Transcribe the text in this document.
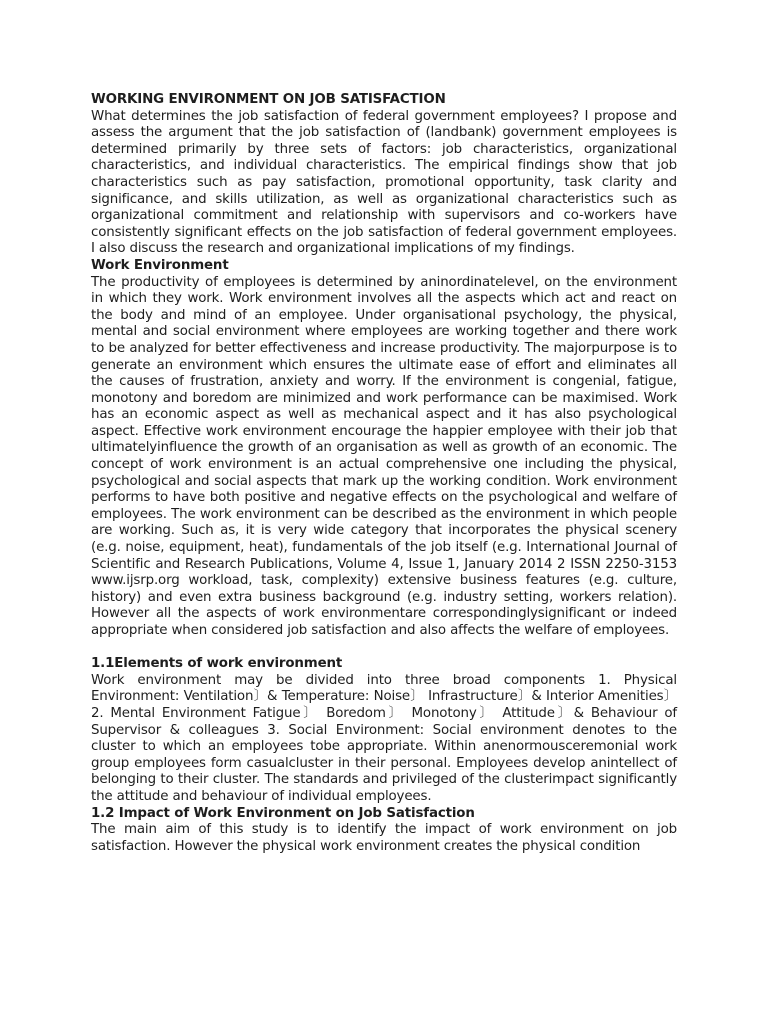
WORKING ENVIRONMENT ON JOB SATISFACTION

What determines the job satisfaction of federal government employees? I propose and assess the argument that the job satisfaction of (landbank) government employees is determined primarily by three sets of factors: job characteristics, organizational characteristics, and individual characteristics. The empirical findings show that job characteristics such as pay satisfaction, promotional opportunity, task clarity and significance, and skills utilization, as well as organizational characteristics such as organizational commitment and relationship with supervisors and co-workers have consistently significant effects on the job satisfaction of federal government employees. I also discuss the research and organizational implications of my findings.

Work Environment

The productivity of employees is determined by aninordinatelevel, on the environment in which they work. Work environment involves all the aspects which act and react on the body and mind of an employee. Under organisational psychology, the physical, mental and social environment where employees are working together and there work to be analyzed for better effectiveness and increase productivity. The majorpurpose is to generate an environment which ensures the ultimate ease of effort and eliminates all the causes of frustration, anxiety and worry. If the environment is congenial, fatigue, monotony and boredom are minimized and work performance can be maximised. Work has an economic aspect as well as mechanical aspect and it has also psychological aspect. Effective work environment encourage the happier employee with their job that ultimatelyinfluence the growth of an organisation as well as growth of an economic. The concept of work environment is an actual comprehensive one including the physical, psychological and social aspects that mark up the working condition. Work environment performs to have both positive and negative effects on the psychological and welfare of employees. The work environment can be described as the environment in which people are working. Such as, it is very wide category that incorporates the physical scenery (e.g. noise, equipment, heat), fundamentals of the job itself (e.g. International Journal of Scientific and Research Publications, Volume 4, Issue 1, January 2014 2 ISSN 2250-3153 www.ijsrp.org workload, task, complexity) extensive business features (e.g. culture, history) and even extra business background (e.g. industry setting, workers relation). However all the aspects of work environmentare correspondinglysignificant or indeed appropriate when considered job satisfaction and also affects the welfare of employees.

1.1Elements of work environment

Work environment may be divided into three broad components 1. Physical Environment: Ventilation〕& Temperature: Noise〕 Infrastructure〕& Interior Amenities〕2. Mental Environment Fatigue〕 Boredom〕 Monotony〕 Attitude〕& Behaviour of Supervisor & colleagues 3. Social Environment: Social environment denotes to the cluster to which an employees tobe appropriate. Within anenormousceremonial work group employees form casualcluster in their personal. Employees develop anintellect of belonging to their cluster. The standards and privileged of the clusterimpact significantly the attitude and behaviour of individual employees.

1.2 Impact of Work Environment on Job Satisfaction

The main aim of this study is to identify the impact of work environment on job satisfaction. However the physical work environment creates the physical condition
